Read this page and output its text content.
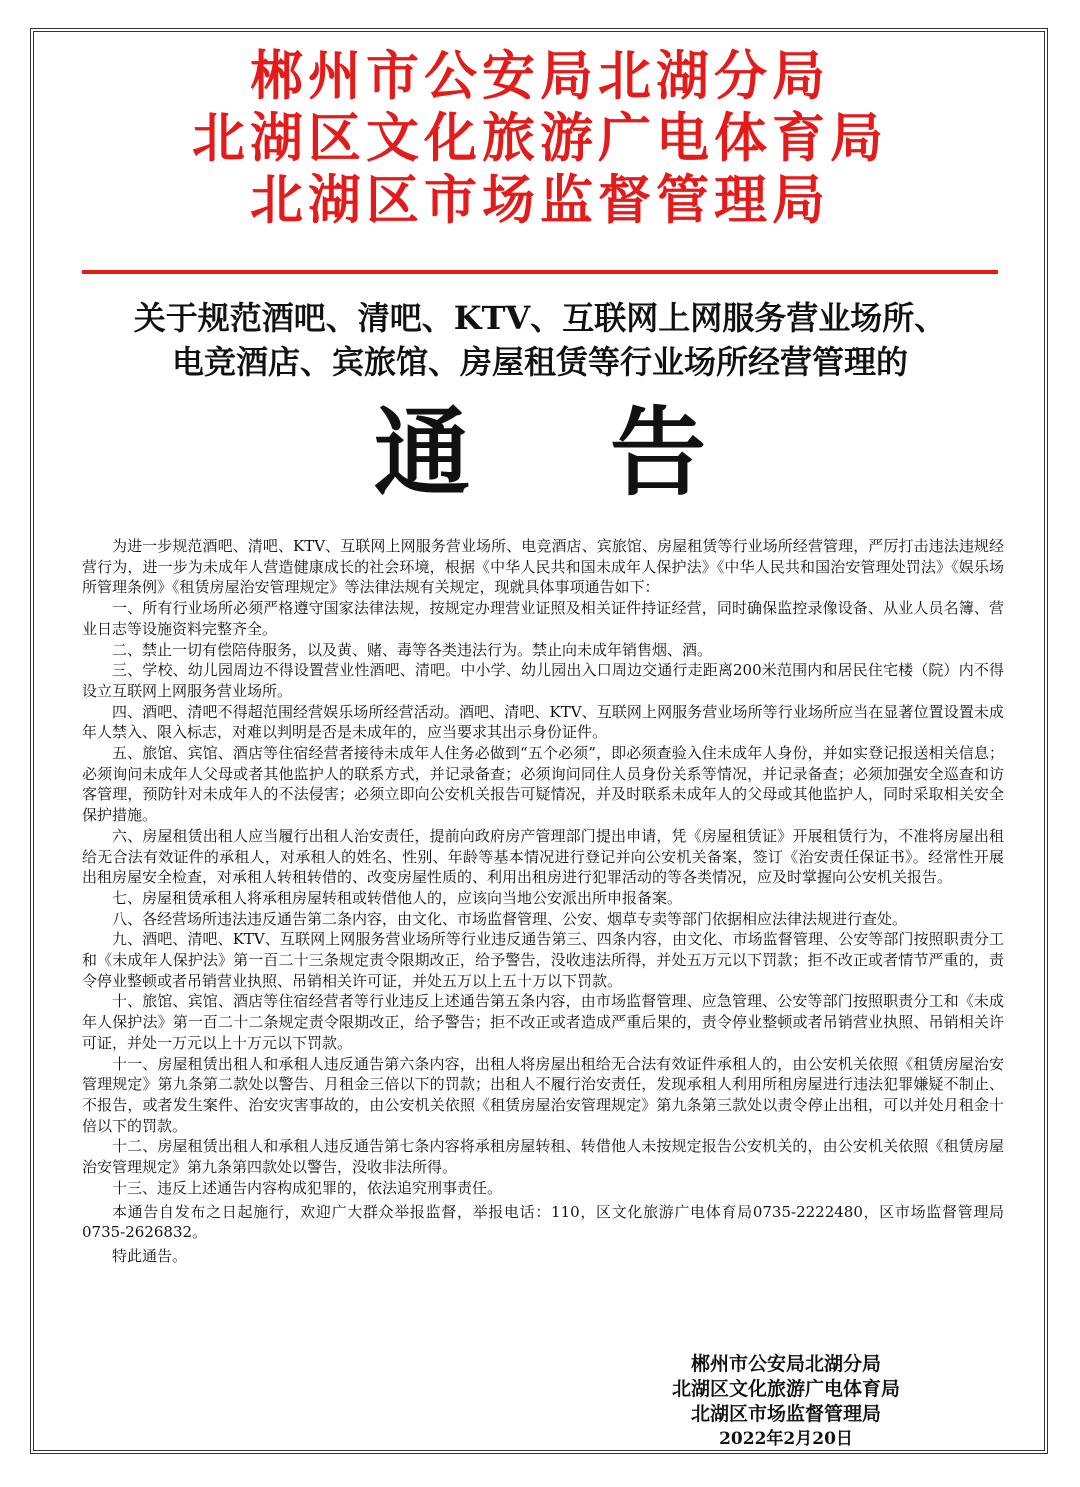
郴州市公安局北湖分局
北湖区文化旅游广电体育局
北湖区市场监督管理局
关于规范酒吧、清吧、KTV、互联网上网服务营业场所、
电竞酒店、宾旅馆、房屋租赁等行业场所经营管理的
通告

为进一步规范酒吧、清吧、KTV、互联网上网服务营业场所、电竞酒店、宾旅馆、房屋租赁等行业场所经营管理，严厉打击违法违规经营行为，进一步为未成年人营造健康成长的社会环境，根据《中华人民共和国未成年人保护法》《中华人民共和国治安管理处罚法》《娱乐场所管理条例》《租赁房屋治安管理规定》等法律法规有关规定，现就具体事项通告如下：

一、所有行业场所必须严格遵守国家法律法规，按规定办理营业证照及相关证件持证经营，同时确保监控录像设备、从业人员名簿、营业日志等设施资料完整齐全。

二、禁止一切有偿陪侍服务，以及黄、赌、毒等各类违法行为。禁止向未成年销售烟、酒。

三、学校、幼儿园周边不得设置营业性酒吧、清吧。中小学、幼儿园出入口周边交通行走距离200米范围内和居民住宅楼（院）内不得设立互联网上网服务营业场所。

四、酒吧、清吧不得超范围经营娱乐场所经营活动。酒吧、清吧、KTV、互联网上网服务营业场所等行业场所应当在显著位置设置未成年人禁入、限入标志，对难以判明是否是未成年的，应当要求其出示身份证件。

五、旅馆、宾馆、酒店等住宿经营者接待未成年人住务必做到“五个必须”，即必须查验入住未成年人身份，并如实登记报送相关信息；必须询问未成年人父母或者其他监护人的联系方式，并记录备查；必须询问同住人员身份关系等情况，并记录备查；必须加强安全巡查和访客管理，预防针对未成年人的不法侵害；必须立即向公安机关报告可疑情况，并及时联系未成年人的父母或其他监护人，同时采取相关安全保护措施。

六、房屋租赁出租人应当履行出租人治安责任，提前向政府房产管理部门提出申请，凭《房屋租赁证》开展租赁行为，不准将房屋出租给无合法有效证件的承租人，对承租人的姓名、性别、年龄等基本情况进行登记并向公安机关备案，签订《治安责任保证书》。经常性开展出租房屋安全检查，对承租人转租转借的、改变房屋性质的、利用出租房进行犯罪活动的等各类情况，应及时掌握向公安机关报告。

七、房屋租赁承租人将承租房屋转租或转借他人的，应该向当地公安派出所申报备案。

八、各经营场所违法违反通告第二条内容，由文化、市场监督管理、公安、烟草专卖等部门依据相应法律法规进行查处。

九、酒吧、清吧、KTV、互联网上网服务营业场所等行业违反通告第三、四条内容，由文化、市场监督管理、公安等部门按照职责分工和《未成年人保护法》第一百二十三条规定责令限期改正，给予警告，没收违法所得，并处五万元以下罚款；拒不改正或者情节严重的，责令停业整顿或者吊销营业执照、吊销相关许可证，并处五万以上五十万以下罚款。

十、旅馆、宾馆、酒店等住宿经营者等行业违反上述通告第五条内容，由市场监督管理、应急管理、公安等部门按照职责分工和《未成年人保护法》第一百二十二条规定责令限期改正，给予警告；拒不改正或者造成严重后果的，责令停业整顿或者吊销营业执照、吊销相关许可证，并处一万元以上十万元以下罚款。

十一、房屋租赁出租人和承租人违反通告第六条内容，出租人将房屋出租给无合法有效证件承租人的，由公安机关依照《租赁房屋治安管理规定》第九条第二款处以警告、月租金三倍以下的罚款；出租人不履行治安责任，发现承租人利用所租房屋进行违法犯罪嫌疑不制止、不报告，或者发生案件、治安灾害事故的，由公安机关依照《租赁房屋治安管理规定》第九条第三款处以责令停止出租，可以并处月租金十倍以下的罚款。

十二、房屋租赁出租人和承租人违反通告第七条内容将承租房屋转租、转借他人未按规定报告公安机关的，由公安机关依照《租赁房屋治安管理规定》第九条第四款处以警告，没收非法所得。

十三、违反上述通告内容构成犯罪的，依法追究刑事责任。

本通告自发布之日起施行，欢迎广大群众举报监督，举报电话：110，区文化旅游广电体育局0735-2222480，区市场监督管理局0735-2626832。

特此通告。

郴州市公安局北湖分局
北湖区文化旅游广电体育局
北湖区市场监督管理局
2022年2月20日
